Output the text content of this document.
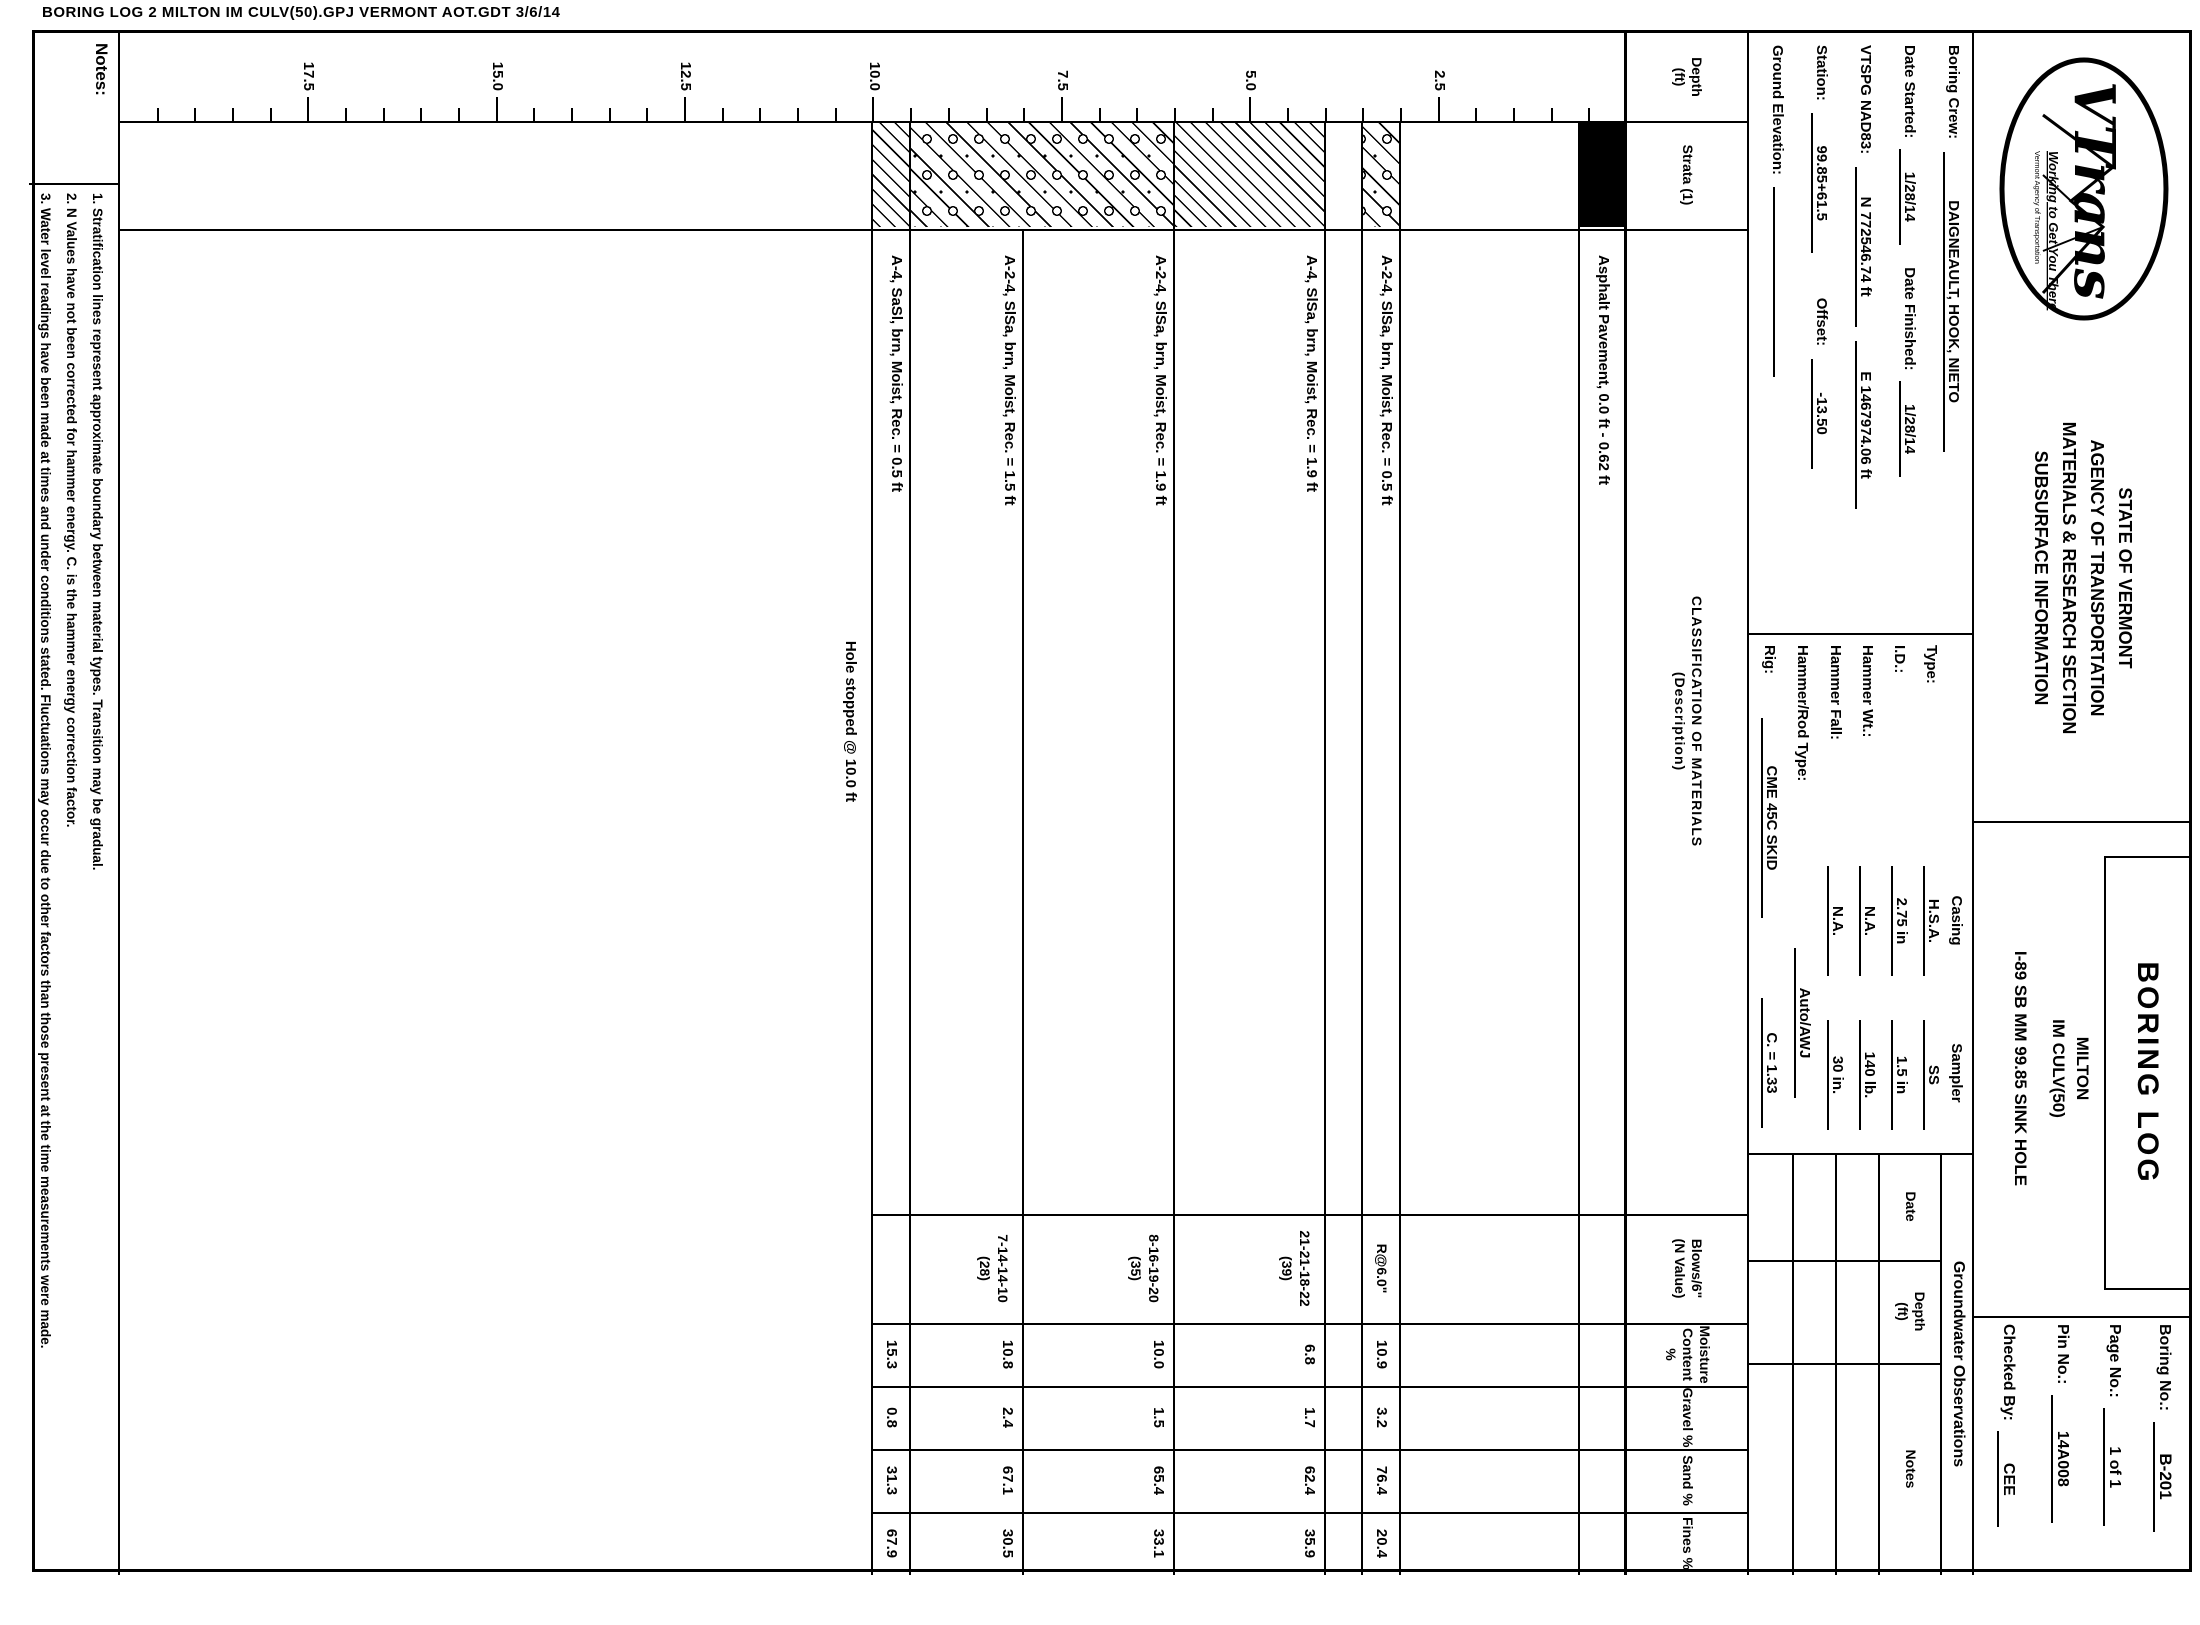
BORING LOG 2 MILTON IM CULV(50).GPJ VERMONT AOT.GDT 3/6/14
VTrans
Working to Get You There
Vermont Agency of Transportation
STATE OF VERMONT
AGENCY OF TRANSPORTATION
MATERIALS & RESEARCH SECTION
SUBSURFACE INFORMATION
BORING LOG
MILTON
IM CULV(50)
I-89 SB MM 99.85 SINK HOLE
Boring No.: B-201
Page No.: 1 of 1
Pin No.: 14A008
Checked By: CEE
Boring Crew: DAIGNEAULT, HOOK, NIETO
Date Started: 1/28/14 Date Finished: 1/28/14
VTSPG NAD83: N 772546.74 ft E 1467974.06 ft
Station: 99.85+61.5 Offset: -13.50
Ground Elevation:
Casing
Sampler
Type:
H.S.A.
SS
I.D.:
2.75 in
1.5 in
Hammer Wt.:
N.A.
140 lb.
Hammer Fall:
N.A.
30 in.
Hammer/Rod Type:
Auto/AWJ
Rig:
CME 45C SKID
C. = 1.33
Groundwater Observations
Date
Depth
(ft)
Notes
Depth
(ft)
Strata (1)
CLASSIFICATION OF MATERIALS
(Description)
Blows/6"
(N Value)
Moisture
Content %
Gravel %
Sand %
Fines %
2.5
5.0
7.5
10.0
12.5
15.0
17.5
Asphalt Pavement, 0.0 ft - 0.62 ft
A-2-4, SlSa, brn, Moist, Rec. = 0.5 ft
A-4, SlSa, brn, Moist, Rec. = 1.9 ft
A-2-4, SlSa, brn, Moist, Rec. = 1.9 ft
A-2-4, SlSa, brn, Moist, Rec. = 1.5 ft
A-4, SaSl, brn, Moist, Rec. = 0.5 ft
Hole stopped @ 10.0 ft
R@6.0"
21-21-18-22
(39)
8-16-19-20
(35)
7-14-14-10
(28)
10.9
6.8
10.0
10.8
15.3
3.2
1.7
1.5
2.4
0.8
76.4
62.4
65.4
67.1
31.3
20.4
35.9
33.1
30.5
67.9
Notes:
1. Stratification lines represent approximate boundary between material types. Transition may be gradual.
2. N Values have not been corrected for hammer energy. C. is the hammer energy correction factor.
3. Water level readings have been made at times and under conditions stated. Fluctuations may occur due to other factors than those present at the time measurements were made.
